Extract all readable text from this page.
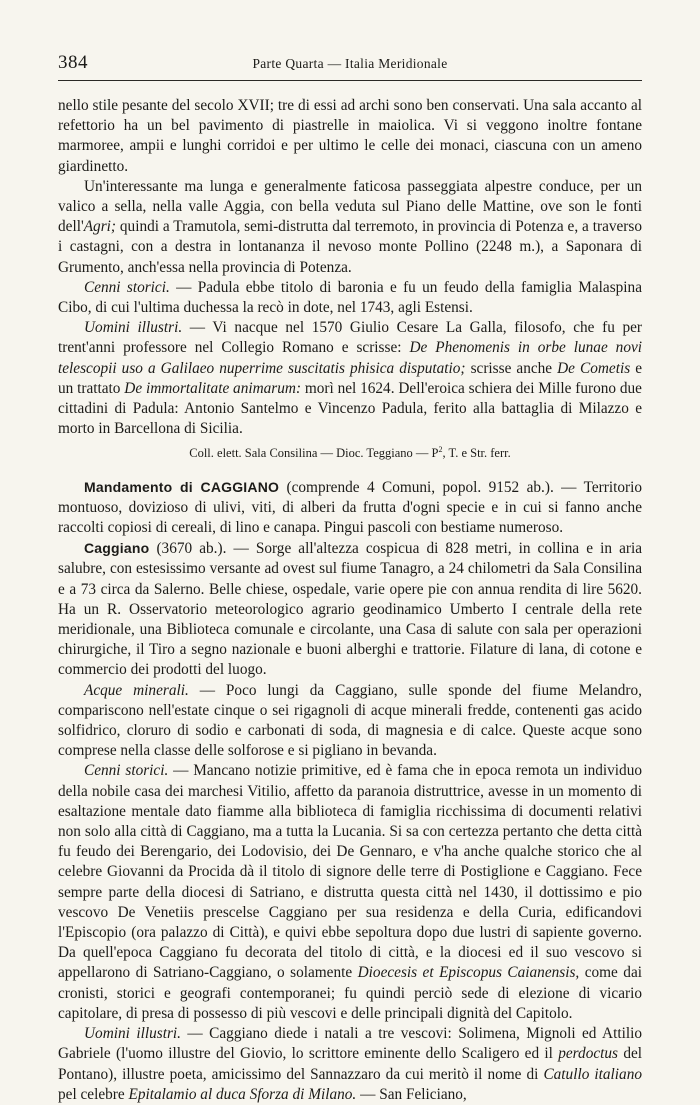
384	Parte Quarta — Italia Meridionale

nello stile pesante del secolo XVII; tre di essi ad archi sono ben conservati. Una sala accanto al refettorio ha un bel pavimento di piastrelle in maiolica. Vi si veggono inoltre fontane marmoree, ampii e lunghi corridoi e per ultimo le celle dei monaci, ciascuna con un ameno giardinetto.

Un'interessante ma lunga e generalmente faticosa passeggiata alpestre conduce, per un valico a sella, nella valle Aggia, con bella veduta sul Piano delle Mattine, ove son le fonti dell'Agri; quindi a Tramutola, semi-distrutta dal terremoto, in provincia di Potenza e, a traverso i castagni, con a destra in lontananza il nevoso monte Pollino (2248 m.), a Saponara di Grumento, anch'essa nella provincia di Potenza.

Cenni storici. — Padula ebbe titolo di baronia e fu un feudo della famiglia Malaspina Cibo, di cui l'ultima duchessa la recò in dote, nel 1743, agli Estensi.

Uomini illustri. — Vi nacque nel 1570 Giulio Cesare La Galla, filosofo, che fu per trent'anni professore nel Collegio Romano e scrisse: De Phenomenis in orbe lunae novi telescopii uso a Galilaeo nuperrime suscitatis phisica disputatio; scrisse anche De Cometis e un trattato De immortalitate animarum: morì nel 1624. Dell'eroica schiera dei Mille furono due cittadini di Padula: Antonio Santelmo e Vincenzo Padula, ferito alla battaglia di Milazzo e morto in Barcellona di Sicilia.

Coll. elett. Sala Consilina — Dioc. Teggiano — $P^2$, T. e Str. ferr.

Mandamento di CAGGIANO (comprende 4 Comuni, popol. 9152 ab.). — Territorio montuoso, dovizioso di ulivi, viti, di alberi da frutta d'ogni specie e in cui si fanno anche raccolti copiosi di cereali, di lino e canapa. Pingui pascoli con bestiame numeroso.

Caggiano (3670 ab.). — Sorge all'altezza cospicua di 828 metri, in collina e in aria salubre, con estesissimo versante ad ovest sul fiume Tanagro, a 24 chilometri da Sala Consilina e a 73 circa da Salerno. Belle chiese, ospedale, varie opere pie con annua rendita di lire 5620. Ha un R. Osservatorio meteorologico agrario geodinamico Umberto I centrale della rete meridionale, una Biblioteca comunale e circolante, una Casa di salute con sala per operazioni chirurgiche, il Tiro a segno nazionale e buoni alberghi e trattorie. Filature di lana, di cotone e commercio dei prodotti del luogo.

Acque minerali. — Poco lungi da Caggiano, sulle sponde del fiume Melandro, compariscono nell'estate cinque o sei rigagnoli di acque minerali fredde, contenenti gas acido solfidrico, cloruro di sodio e carbonati di soda, di magnesia e di calce. Queste acque sono comprese nella classe delle solforose e si pigliano in bevanda.

Cenni storici. — Mancano notizie primitive, ed è fama che in epoca remota un individuo della nobile casa dei marchesi Vitilio, affetto da paranoia distruttrice, avesse in un momento di esaltazione mentale dato fiamme alla biblioteca di famiglia ricchissima di documenti relativi non solo alla città di Caggiano, ma a tutta la Lucania. Si sa con certezza pertanto che detta città fu feudo dei Berengario, dei Lodovisio, dei De Gennaro, e v'ha anche qualche storico che al celebre Giovanni da Procida dà il titolo di signore delle terre di Postiglione e Caggiano. Fece sempre parte della diocesi di Satriano, e distrutta questa città nel 1430, il dottissimo e pio vescovo De Venetiis prescelse Caggiano per sua residenza e della Curia, edificandovi l'Episcopio (ora palazzo di Città), e quivi ebbe sepoltura dopo due lustri di sapiente governo. Da quell'epoca Caggiano fu decorata del titolo di città, e la diocesi ed il suo vescovo si appellarono di Satriano-Caggiano, o solamente Dioecesis et Episcopus Caianensis, come dai cronisti, storici e geografi contemporanei; fu quindi perciò sede di elezione di vicario capitolare, di presa di possesso di più vescovi e delle principali dignità del Capitolo.

Uomini illustri. — Caggiano diede i natali a tre vescovi: Solimena, Mignoli ed Attilio Gabriele (l'uomo illustre del Giovio, lo scrittore eminente dello Scaligero ed il perdoctus del Pontano), illustre poeta, amicissimo del Sannazzaro da cui meritò il nome di Catullo italiano pel celebre Epitalamio al duca Sforza di Milano. — San Feliciano,
